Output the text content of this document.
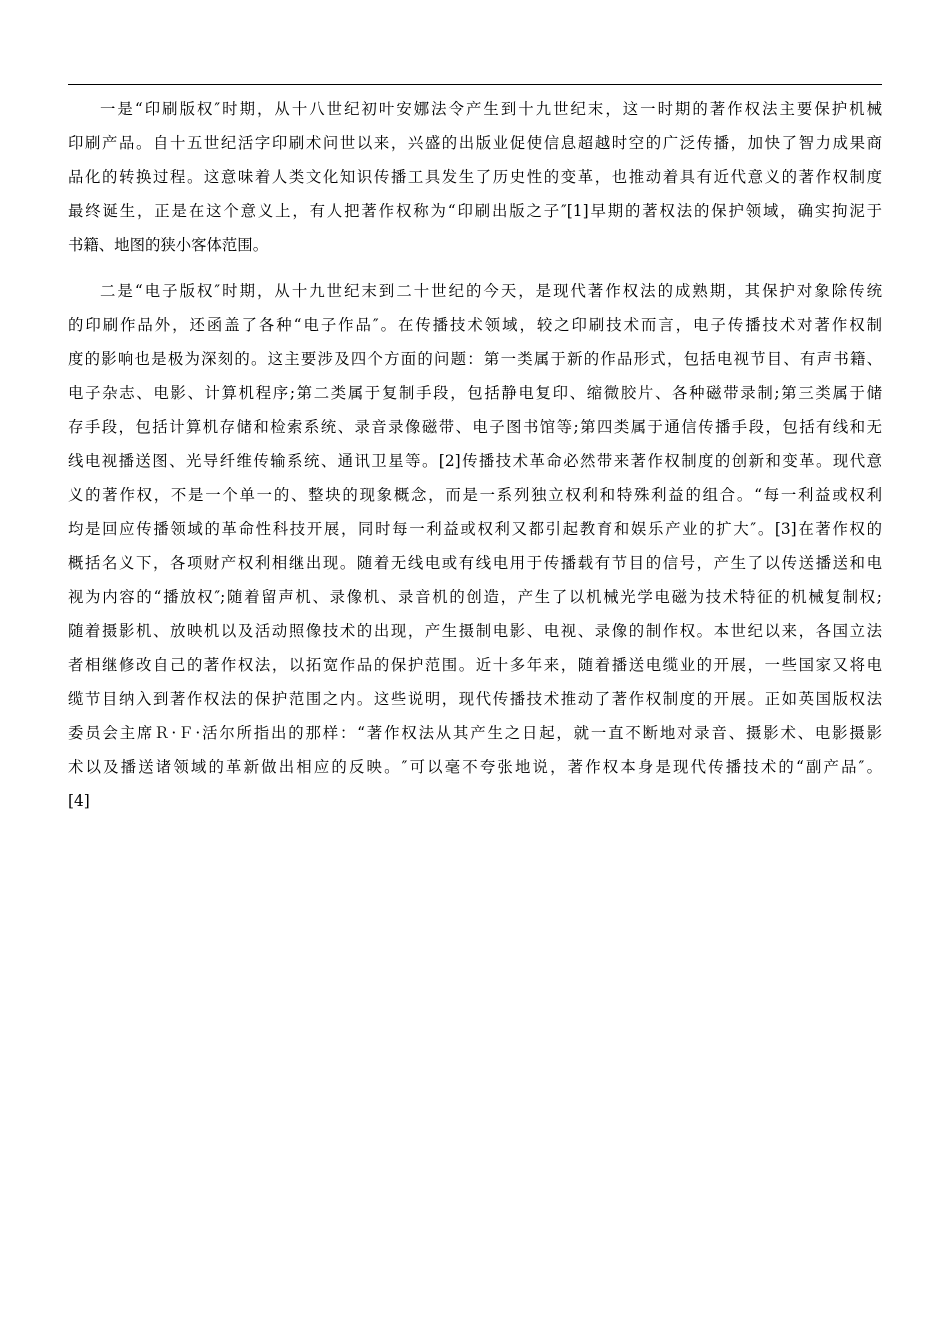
一是“印刷版权″时期，从十八世纪初叶安娜法令产生到十九世纪末，这一时期的著作权法主要保护机械
印刷产品。自十五世纪活字印刷术问世以来，兴盛的出版业促使信息超越时空的广泛传播，加快了智力成果商
品化的转换过程。这意味着人类文化知识传播工具发生了历史性的变革，也推动着具有近代意义的著作权制度
最终诞生，正是在这个意义上，有人把著作权称为“印刷出版之子″[1]早期的著权法的保护领域，确实拘泥于
书籍、地图的狭小客体范围。
二是“电子版权″时期，从十九世纪末到二十世纪的今天，是现代著作权法的成熟期，其保护对象除传统
的印刷作品外，还函盖了各种“电子作品″。在传播技术领域，较之印刷技术而言，电子传播技术对著作权制
度的影响也是极为深刻的。这主要涉及四个方面的问题：第一类属于新的作品形式，包括电视节目、有声书籍、
电子杂志、电影、计算机程序;第二类属于复制手段，包括静电复印、缩微胶片、各种磁带录制;第三类属于储
存手段，包括计算机存储和检索系统、录音录像磁带、电子图书馆等;第四类属于通信传播手段，包括有线和无
线电视播送图、光导纤维传输系统、通讯卫星等。[2]传播技术革命必然带来著作权制度的创新和变革。现代意
义的著作权，不是一个单一的、整块的现象概念，而是一系列独立权利和特殊利益的组合。“每一利益或权利
均是回应传播领域的革命性科技开展，同时每一利益或权利又都引起教育和娱乐产业的扩大″。[3]在著作权的
概括名义下，各项财产权利相继出现。随着无线电或有线电用于传播载有节目的信号，产生了以传送播送和电
视为内容的“播放权″;随着留声机、录像机、录音机的创造，产生了以机械光学电磁为技术特征的机械复制权;
随着摄影机、放映机以及活动照像技术的出现，产生摄制电影、电视、录像的制作权。本世纪以来，各国立法
者相继修改自己的著作权法，以拓宽作品的保护范围。近十多年来，随着播送电缆业的开展，一些国家又将电
缆节目纳入到著作权法的保护范围之内。这些说明，现代传播技术推动了著作权制度的开展。正如英国版权法
委员会主席Ｒ·Ｆ·活尔所指出的那样：“著作权法从其产生之日起，就一直不断地对录音、摄影术、电影摄影
术以及播送诸领域的革新做出相应的反映。″可以毫不夸张地说，著作权本身是现代传播技术的“副产品″。
[4]
